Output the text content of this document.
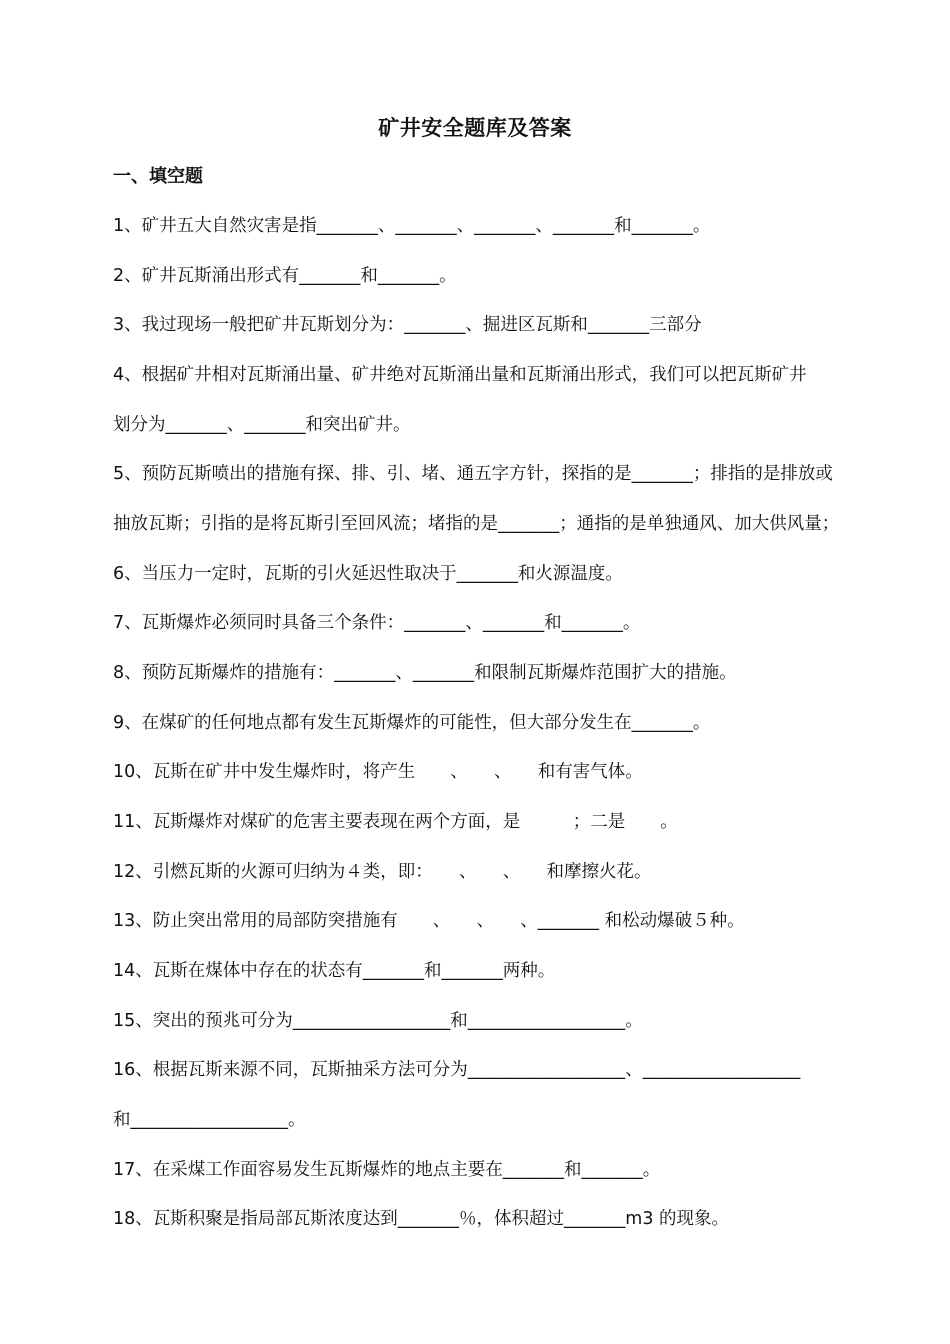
矿井安全题库及答案
一、填空题
1、矿井五大自然灾害是指_______、_______、_______、_______和_______。
2、矿井瓦斯涌出形式有_______和_______。
3、我过现场一般把矿井瓦斯划分为：_______、掘进区瓦斯和_______三部分
4、根据矿井相对瓦斯涌出量、矿井绝对瓦斯涌出量和瓦斯涌出形式，我们可以把瓦斯矿井
划分为_______、_______和突出矿井。
5、预防瓦斯喷出的措施有探、排、引、堵、通五字方针，探指的是_______；排指的是排放或
抽放瓦斯；引指的是将瓦斯引至回风流；堵指的是_______；通指的是单独通风、加大供风量；
6、当压力一定时，瓦斯的引火延迟性取决于_______和火源温度。
7、瓦斯爆炸必须同时具备三个条件：_______、_______和_______。
8、预防瓦斯爆炸的措施有：_______、_______和限制瓦斯爆炸范围扩大的措施。
9、在煤矿的任何地点都有发生瓦斯爆炸的可能性，但大部分发生在_______。
10、瓦斯在矿井中发生爆炸时，将产生　　、　　、　　和有害气体。
11、瓦斯爆炸对煤矿的危害主要表现在两个方面，是　　　；二是　　。
12、引燃瓦斯的火源可归纳为４类，即：　　、　　、　　和摩擦火花。
13、防止突出常用的局部防突措施有　　、　　、　　、_______ 和松动爆破５种。
14、瓦斯在煤体中存在的状态有_______和_______两种。
15、突出的预兆可分为__________________和__________________。
16、根据瓦斯来源不同，瓦斯抽采方法可分为__________________、__________________
和__________________。
17、在采煤工作面容易发生瓦斯爆炸的地点主要在_______和_______。
18、瓦斯积聚是指局部瓦斯浓度达到_______％，体积超过_______m3 的现象。
